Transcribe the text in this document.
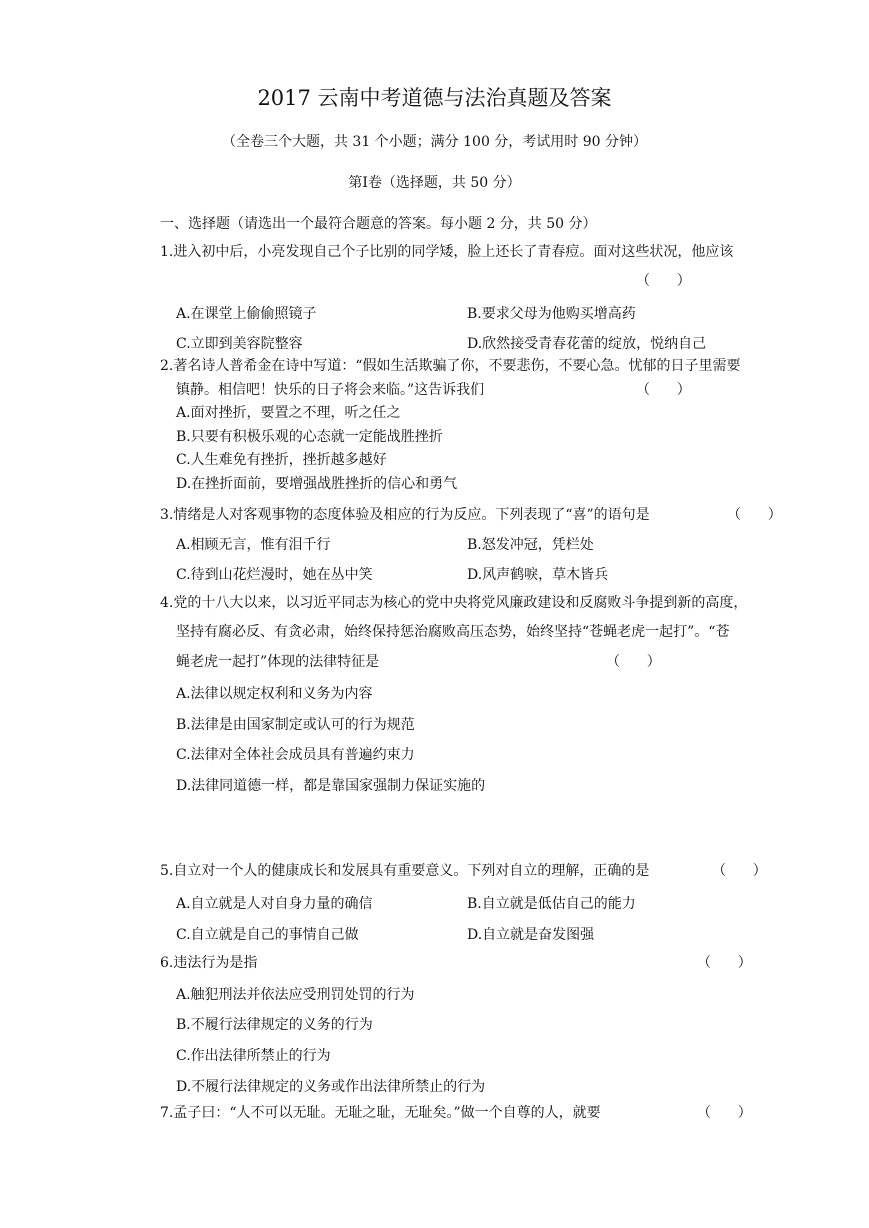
2017 云南中考道德与法治真题及答案
（全卷三个大题，共 31 个小题；满分 100 分，考试用时 90 分钟）
第Ⅰ卷（选择题，共 50 分）
一、选择题（请选出一个最符合题意的答案。每小题 2 分，共 50 分）
1.进入初中后，小亮发现自己个子比别的同学矮，脸上还长了青春痘。面对这些状况，他应该
（      ）
A.在课堂上偷偷照镜子	B.要求父母为他购买增高药
C.立即到美容院整容	D.欣然接受青春花蕾的绽放，悦纳自己
2.著名诗人普希金在诗中写道：“假如生活欺骗了你，不要悲伤，不要心急。忧郁的日子里需要
镇静。相信吧！快乐的日子将会来临。”这告诉我们	（      ）
A.面对挫折，要置之不理，听之任之
B.只要有积极乐观的心态就一定能战胜挫折
C.人生难免有挫折，挫折越多越好
D.在挫折面前，要增强战胜挫折的信心和勇气
3.情绪是人对客观事物的态度体验及相应的行为反应。下列表现了“喜”的语句是	（      ）
A.相顾无言，惟有泪千行	B.怒发冲冠，凭栏处
C.待到山花烂漫时，她在丛中笑	D.风声鹤唳，草木皆兵
4.党的十八大以来，以习近平同志为核心的党中央将党风廉政建设和反腐败斗争提到新的高度，
坚持有腐必反、有贪必肃，始终保持惩治腐败高压态势，始终坚持“苍蝇老虎一起打”。“苍
蝇老虎一起打”体现的法律特征是	（      ）
A.法律以规定权利和义务为内容
B.法律是由国家制定或认可的行为规范
C.法律对全体社会成员具有普遍约束力
D.法律同道德一样，都是靠国家强制力保证实施的
5.自立对一个人的健康成长和发展具有重要意义。下列对自立的理解，正确的是	（      ）
A.自立就是人对自身力量的确信	B.自立就是低估自己的能力
C.自立就是自己的事情自己做	D.自立就是奋发图强
6.违法行为是指	（      ）
A.触犯刑法并依法应受刑罚处罚的行为
B.不履行法律规定的义务的行为
C.作出法律所禁止的行为
D.不履行法律规定的义务或作出法律所禁止的行为
7.孟子曰：“人不可以无耻。无耻之耻，无耻矣。”做一个自尊的人，就要	（      ）
